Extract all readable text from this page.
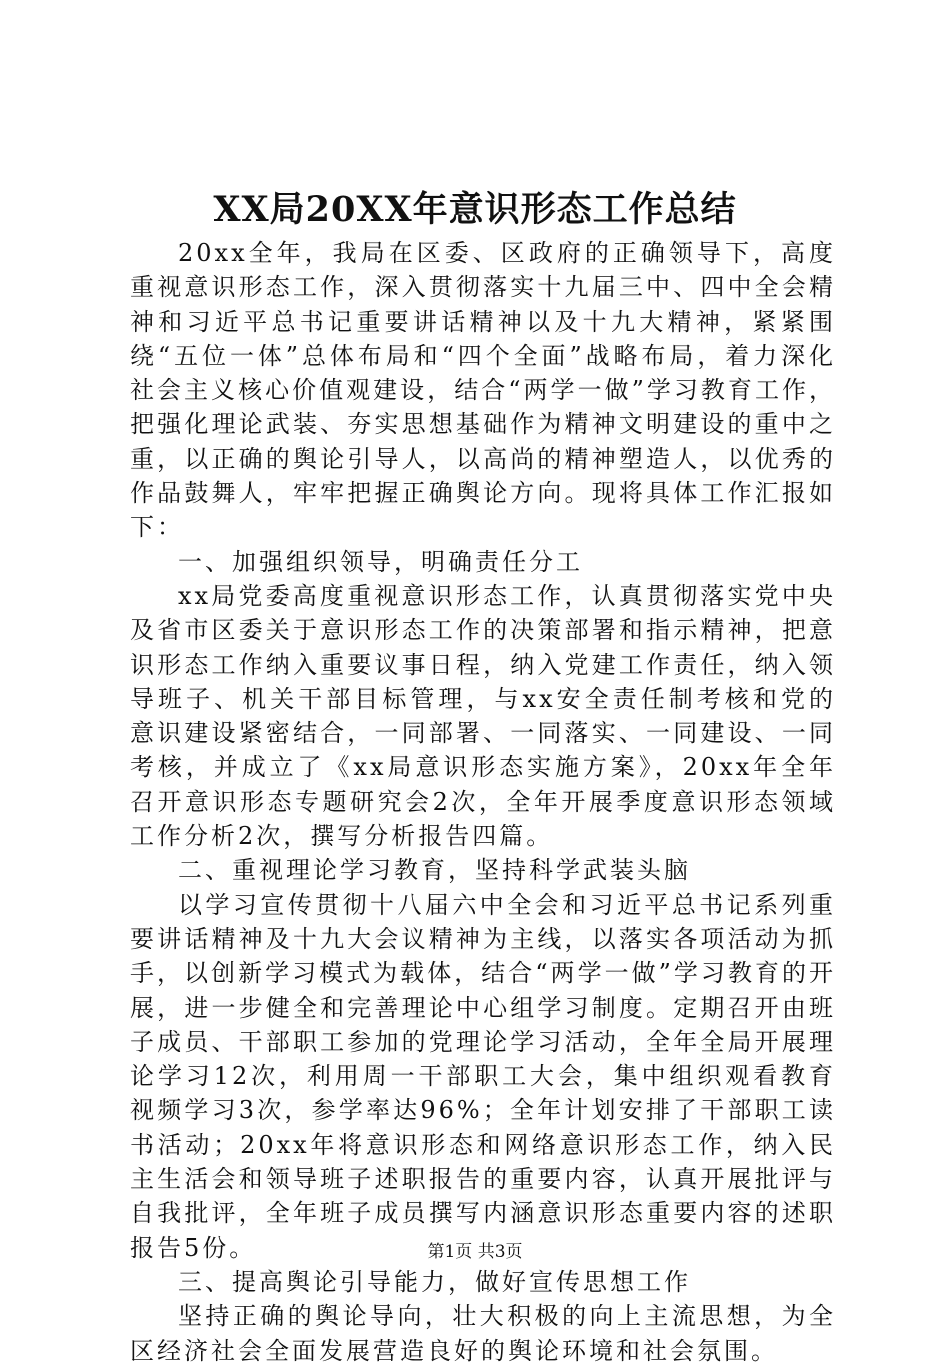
XX局20XX年意识形态工作总结

20xx全年，我局在区委、区政府的正确领导下，高度重视意识形态工作，深入贯彻落实十九届三中、四中全会精神和习近平总书记重要讲话精神以及十九大精神，紧紧围绕“五位一体”总体布局和“四个全面”战略布局，着力深化社会主义核心价值观建设，结合“两学一做”学习教育工作，把强化理论武装、夯实思想基础作为精神文明建设的重中之重，以正确的舆论引导人，以高尚的精神塑造人，以优秀的作品鼓舞人，牢牢把握正确舆论方向。现将具体工作汇报如下：

一、加强组织领导，明确责任分工

xx局党委高度重视意识形态工作，认真贯彻落实党中央及省市区委关于意识形态工作的决策部署和指示精神，把意识形态工作纳入重要议事日程，纳入党建工作责任，纳入领导班子、机关干部目标管理，与xx安全责任制考核和党的意识建设紧密结合，一同部署、一同落实、一同建设、一同考核，并成立了《xx局意识形态实施方案》，20xx年全年召开意识形态专题研究会2次，全年开展季度意识形态领域工作分析2次，撰写分析报告四篇。

二、重视理论学习教育，坚持科学武装头脑

以学习宣传贯彻十八届六中全会和习近平总书记系列重要讲话精神及十九大会议精神为主线，以落实各项活动为抓手，以创新学习模式为载体，结合“两学一做”学习教育的开展，进一步健全和完善理论中心组学习制度。定期召开由班子成员、干部职工参加的党理论学习活动，全年全局开展理论学习12次，利用周一干部职工大会，集中组织观看教育视频学习3次，参学率达96%；全年计划安排了干部职工读书活动；20xx年将意识形态和网络意识形态工作，纳入民主生活会和领导班子述职报告的重要内容，认真开展批评与自我批评，全年班子成员撰写内涵意识形态重要内容的述职报告5份。

三、提高舆论引导能力，做好宣传思想工作

坚持正确的舆论导向，壮大积极的向上主流思想，为全区经济社会全面发展营造良好的舆论环境和社会氛围。

第1页 共3页
